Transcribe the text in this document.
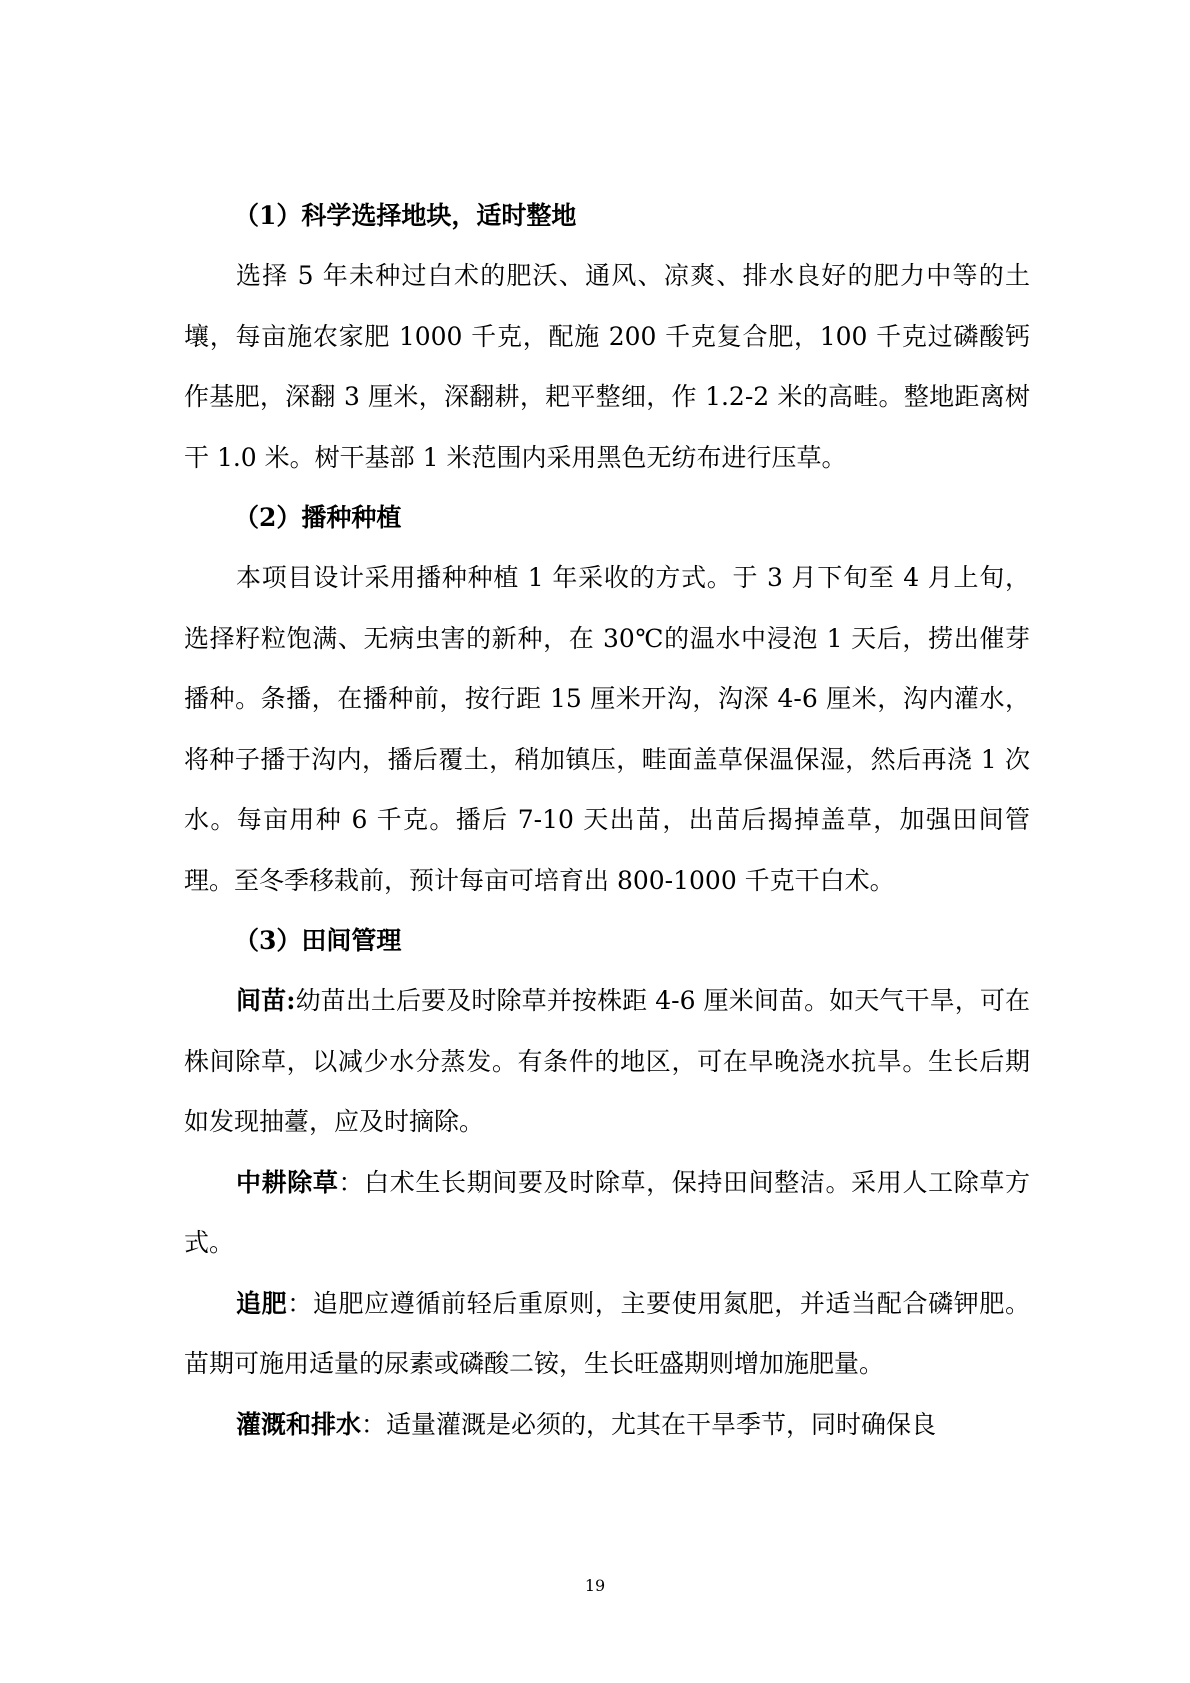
（1）科学选择地块，适时整地

选择 5 年未种过白术的肥沃、通风、凉爽、排水良好的肥力中等的土壤，每亩施农家肥 1000 千克，配施 200 千克复合肥，100 千克过磷酸钙作基肥，深翻 3 厘米，深翻耕，耙平整细，作 1.2-2 米的高畦。整地距离树干 1.0 米。树干基部 1 米范围内采用黑色无纺布进行压草。

（2）播种种植

本项目设计采用播种种植 1 年采收的方式。于 3 月下旬至 4 月上旬，选择籽粒饱满、无病虫害的新种，在 30℃的温水中浸泡 1 天后，捞出催芽播种。条播，在播种前，按行距 15 厘米开沟，沟深 4-6 厘米，沟内灌水，将种子播于沟内，播后覆土，稍加镇压，畦面盖草保温保湿，然后再浇 1 次水。每亩用种 6 千克。播后 7-10 天出苗，出苗后揭掉盖草，加强田间管理。至冬季移栽前，预计每亩可培育出 800-1000 千克干白术。

（3）田间管理

间苗:幼苗出土后要及时除草并按株距 4-6 厘米间苗。如天气干旱，可在株间除草，以减少水分蒸发。有条件的地区，可在早晚浇水抗旱。生长后期如发现抽薹，应及时摘除。

中耕除草：白术生长期间要及时除草，保持田间整洁。采用人工除草方式。

追肥：追肥应遵循前轻后重原则，主要使用氮肥，并适当配合磷钾肥。苗期可施用适量的尿素或磷酸二铵，生长旺盛期则增加施肥量。

灌溉和排水：适量灌溉是必须的，尤其在干旱季节，同时确保良

19
